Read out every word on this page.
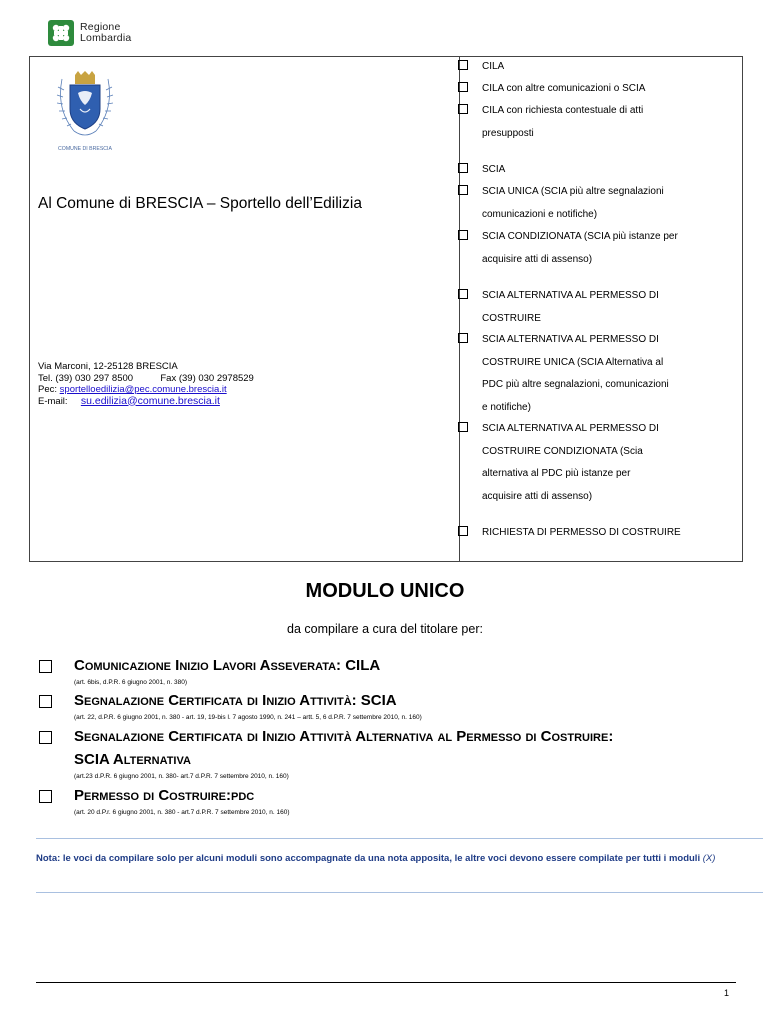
Regione
Lombardia
COMUNE DI BRESCIA
Al Comune di BRESCIA – Sportello dell’Edilizia
Via Marconi, 12-25128 BRESCIA
Tel. (39) 030 297 8500	Fax (39) 030 2978529
Pec: sportelloedilizia@pec.comune.brescia.it
E-mail: su.edilizia@comune.brescia.it
CILA
CILA con altre comunicazioni o SCIA
CILA con richiesta contestuale di atti
presupposti
SCIA
SCIA UNICA (SCIA più altre segnalazioni
comunicazioni e notifiche)
SCIA CONDIZIONATA (SCIA più istanze per
acquisire atti di assenso)
SCIA ALTERNATIVA AL PERMESSO DI
COSTRUIRE
SCIA ALTERNATIVA AL PERMESSO DI
COSTRUIRE UNICA (SCIA Alternativa al
PDC più altre segnalazioni, comunicazioni
e notifiche)
SCIA ALTERNATIVA AL PERMESSO DI
COSTRUIRE CONDIZIONATA (Scia
alternativa al PDC più istanze per
acquisire atti di assenso)
RICHIESTA DI PERMESSO DI COSTRUIRE
MODULO UNICO
da compilare a cura del titolare per:
Comunicazione Inizio Lavori Asseverata: CILA
(art. 6bis, d.P.R. 6 giugno 2001, n. 380)
Segnalazione Certificata di Inizio Attività: SCIA
(art. 22, d.P.R. 6 giugno 2001, n. 380 - art. 19, 19-bis l. 7 agosto 1990, n. 241 – artt. 5, 6 d.P.R. 7 settembre 2010, n. 160)
Segnalazione Certificata di Inizio Attività Alternativa al Permesso di Costruire:
SCIA Alternativa
(art.23 d.P.R. 6 giugno 2001, n. 380- art.7 d.P.R. 7 settembre 2010, n. 160)
Permesso di Costruire:pdc
(art. 20 d.P.r. 6 giugno 2001, n. 380 - art.7 d.P.R. 7 settembre 2010, n. 160)
Nota: le voci da compilare solo per alcuni moduli sono accompagnate da una nota apposita, le altre voci devono essere compilate per tutti i moduli (X)
1
